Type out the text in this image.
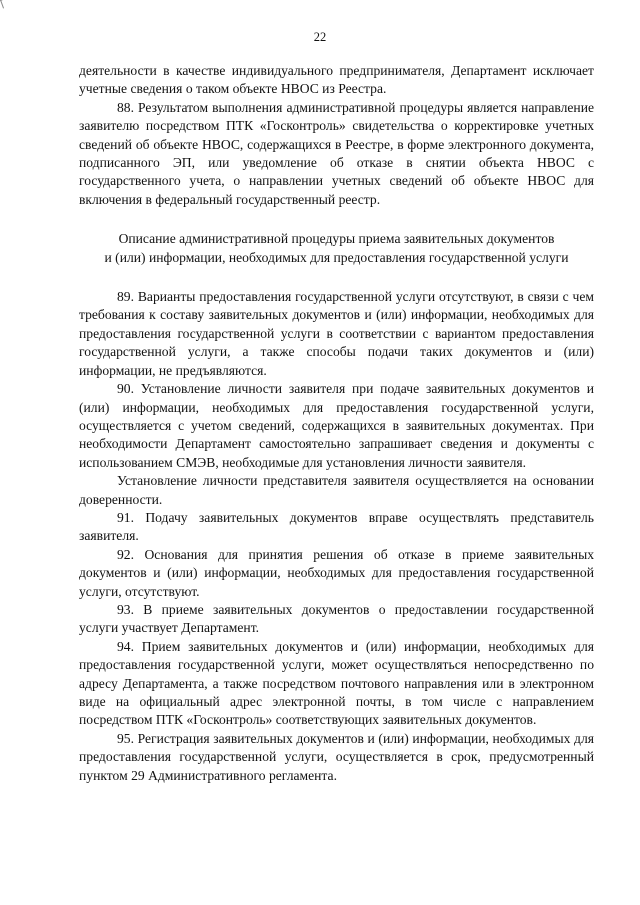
22

деятельности в качестве индивидуального предпринимателя, Департамент исключает учетные сведения о таком объекте НВОС из Реестра.

88. Результатом выполнения административной процедуры является направление заявителю посредством ПТК «Госконтроль» свидетельства о корректировке учетных сведений об объекте НВОС, содержащихся в Реестре, в форме электронного документа, подписанного ЭП, или уведомление об отказе в снятии объекта НВОС с государственного учета, о направлении учетных сведений об объекте НВОС для включения в федеральный государственный реестр.

Описание административной процедуры приема заявительных документов
и (или) информации, необходимых для предоставления государственной услуги

89. Варианты предоставления государственной услуги отсутствуют, в связи с чем требования к составу заявительных документов и (или) информации, необходимых для предоставления государственной услуги в соответствии с вариантом предоставления государственной услуги, а также способы подачи таких документов и (или) информации, не предъявляются.

90. Установление личности заявителя при подаче заявительных документов и (или) информации, необходимых для предоставления государственной услуги, осуществляется с учетом сведений, содержащихся в заявительных документах. При необходимости Департамент самостоятельно запрашивает сведения и документы с использованием СМЭВ, необходимые для установления личности заявителя.

Установление личности представителя заявителя осуществляется на основании доверенности.

91. Подачу заявительных документов вправе осуществлять представитель заявителя.

92. Основания для принятия решения об отказе в приеме заявительных документов и (или) информации, необходимых для предоставления государственной услуги, отсутствуют.

93. В приеме заявительных документов о предоставлении государственной услуги участвует Департамент.

94. Прием заявительных документов и (или) информации, необходимых для предоставления государственной услуги, может осуществляться непосредственно по адресу Департамента, а также посредством почтового направления или в электронном виде на официальный адрес электронной почты, в том числе с направлением посредством ПТК «Госконтроль» соответствующих заявительных документов.

95. Регистрация заявительных документов и (или) информации, необходимых для предоставления государственной услуги, осуществляется в срок, предусмотренный пунктом 29 Административного регламента.
